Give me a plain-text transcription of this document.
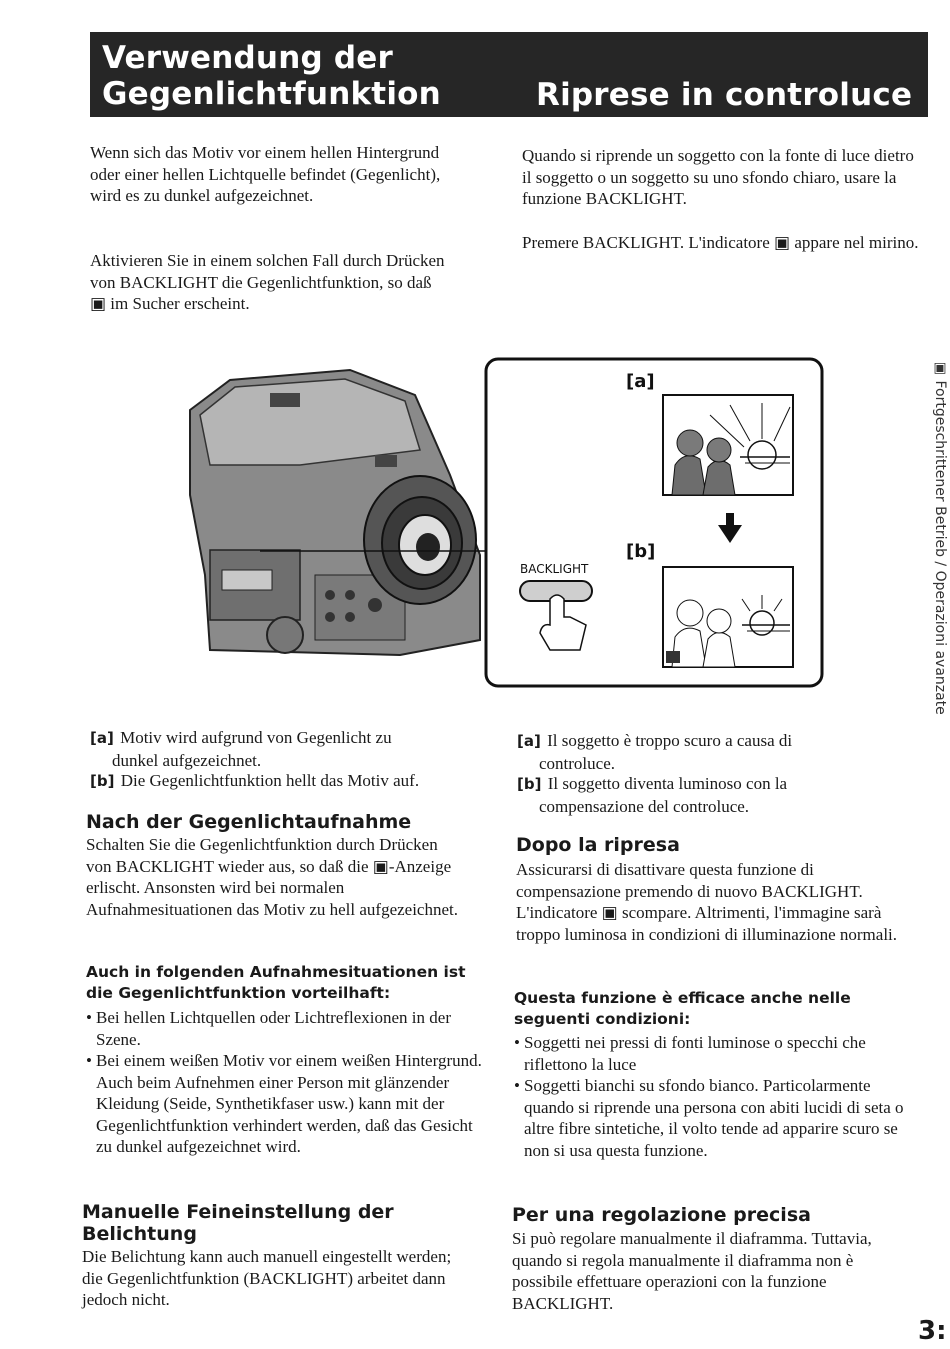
Verwendung der Gegenlichtfunktion	Riprese in controluce

Wenn sich das Motiv vor einem hellen Hintergrund oder einer hellen Lichtquelle befindet (Gegenlicht), wird es zu dunkel aufgezeichnet.

Aktivieren Sie in einem solchen Fall durch Drücken von BACKLIGHT die Gegenlichtfunktion, so daß ▣ im Sucher erscheint.

Quando si riprende un soggetto con la fonte di luce dietro il soggetto o un soggetto su uno sfondo chiaro, usare la funzione BACKLIGHT.

Premere BACKLIGHT. L'indicatore ▣ appare nel mirino.

[a]
[b]
BACKLIGHT
[a] Motiv wird aufgrund von Gegenlicht zu
dunkel aufgezeichnet.
[b] Die Gegenlichtfunktion hellt das Motiv auf.
[a] Il soggetto è troppo scuro a causa di
controluce.
[b] Il soggetto diventa luminoso con la
compensazione del controluce.
Nach der Gegenlichtaufnahme

Schalten Sie die Gegenlichtfunktion durch Drücken von BACKLIGHT wieder aus, so daß die ▣-Anzeige erlischt. Ansonsten wird bei normalen Aufnahmesituationen das Motiv zu hell aufgezeichnet.

Dopo la ripresa

Assicurarsi di disattivare questa funzione di compensazione premendo di nuovo BACKLIGHT. L'indicatore ▣ scompare. Altrimenti, l'immagine sarà troppo luminosa in condizioni di illuminazione normali.

Auch in folgenden Aufnahmesituationen ist die Gegenlichtfunktion vorteilhaft:
• Bei hellen Lichtquellen oder Lichtreflexionen in der Szene.
• Bei einem weißen Motiv vor einem weißen Hintergrund. Auch beim Aufnehmen einer Person mit glänzender Kleidung (Seide, Synthetikfaser usw.) kann mit der Gegenlichtfunktion verhindert werden, daß das Gesicht zu dunkel aufgezeichnet wird.
Questa funzione è efficace anche nelle seguenti condizioni:
• Soggetti nei pressi di fonti luminose o specchi che riflettono la luce
• Soggetti bianchi su sfondo bianco. Particolarmente quando si riprende una persona con abiti lucidi di seta o altre fibre sintetiche, il volto tende ad apparire scuro se non si usa questa funzione.
Manuelle Feineinstellung der Belichtung

Die Belichtung kann auch manuell eingestellt werden; die Gegenlichtfunktion (BACKLIGHT) arbeitet dann jedoch nicht.

Per una regolazione precisa

Si può regolare manualmente il diaframma. Tuttavia, quando si regola manualmente il diaframma non è possibile effettuare operazioni con la funzione BACKLIGHT.

▣ Fortgeschrittener Betrieb / Operazioni avanzate
3:
